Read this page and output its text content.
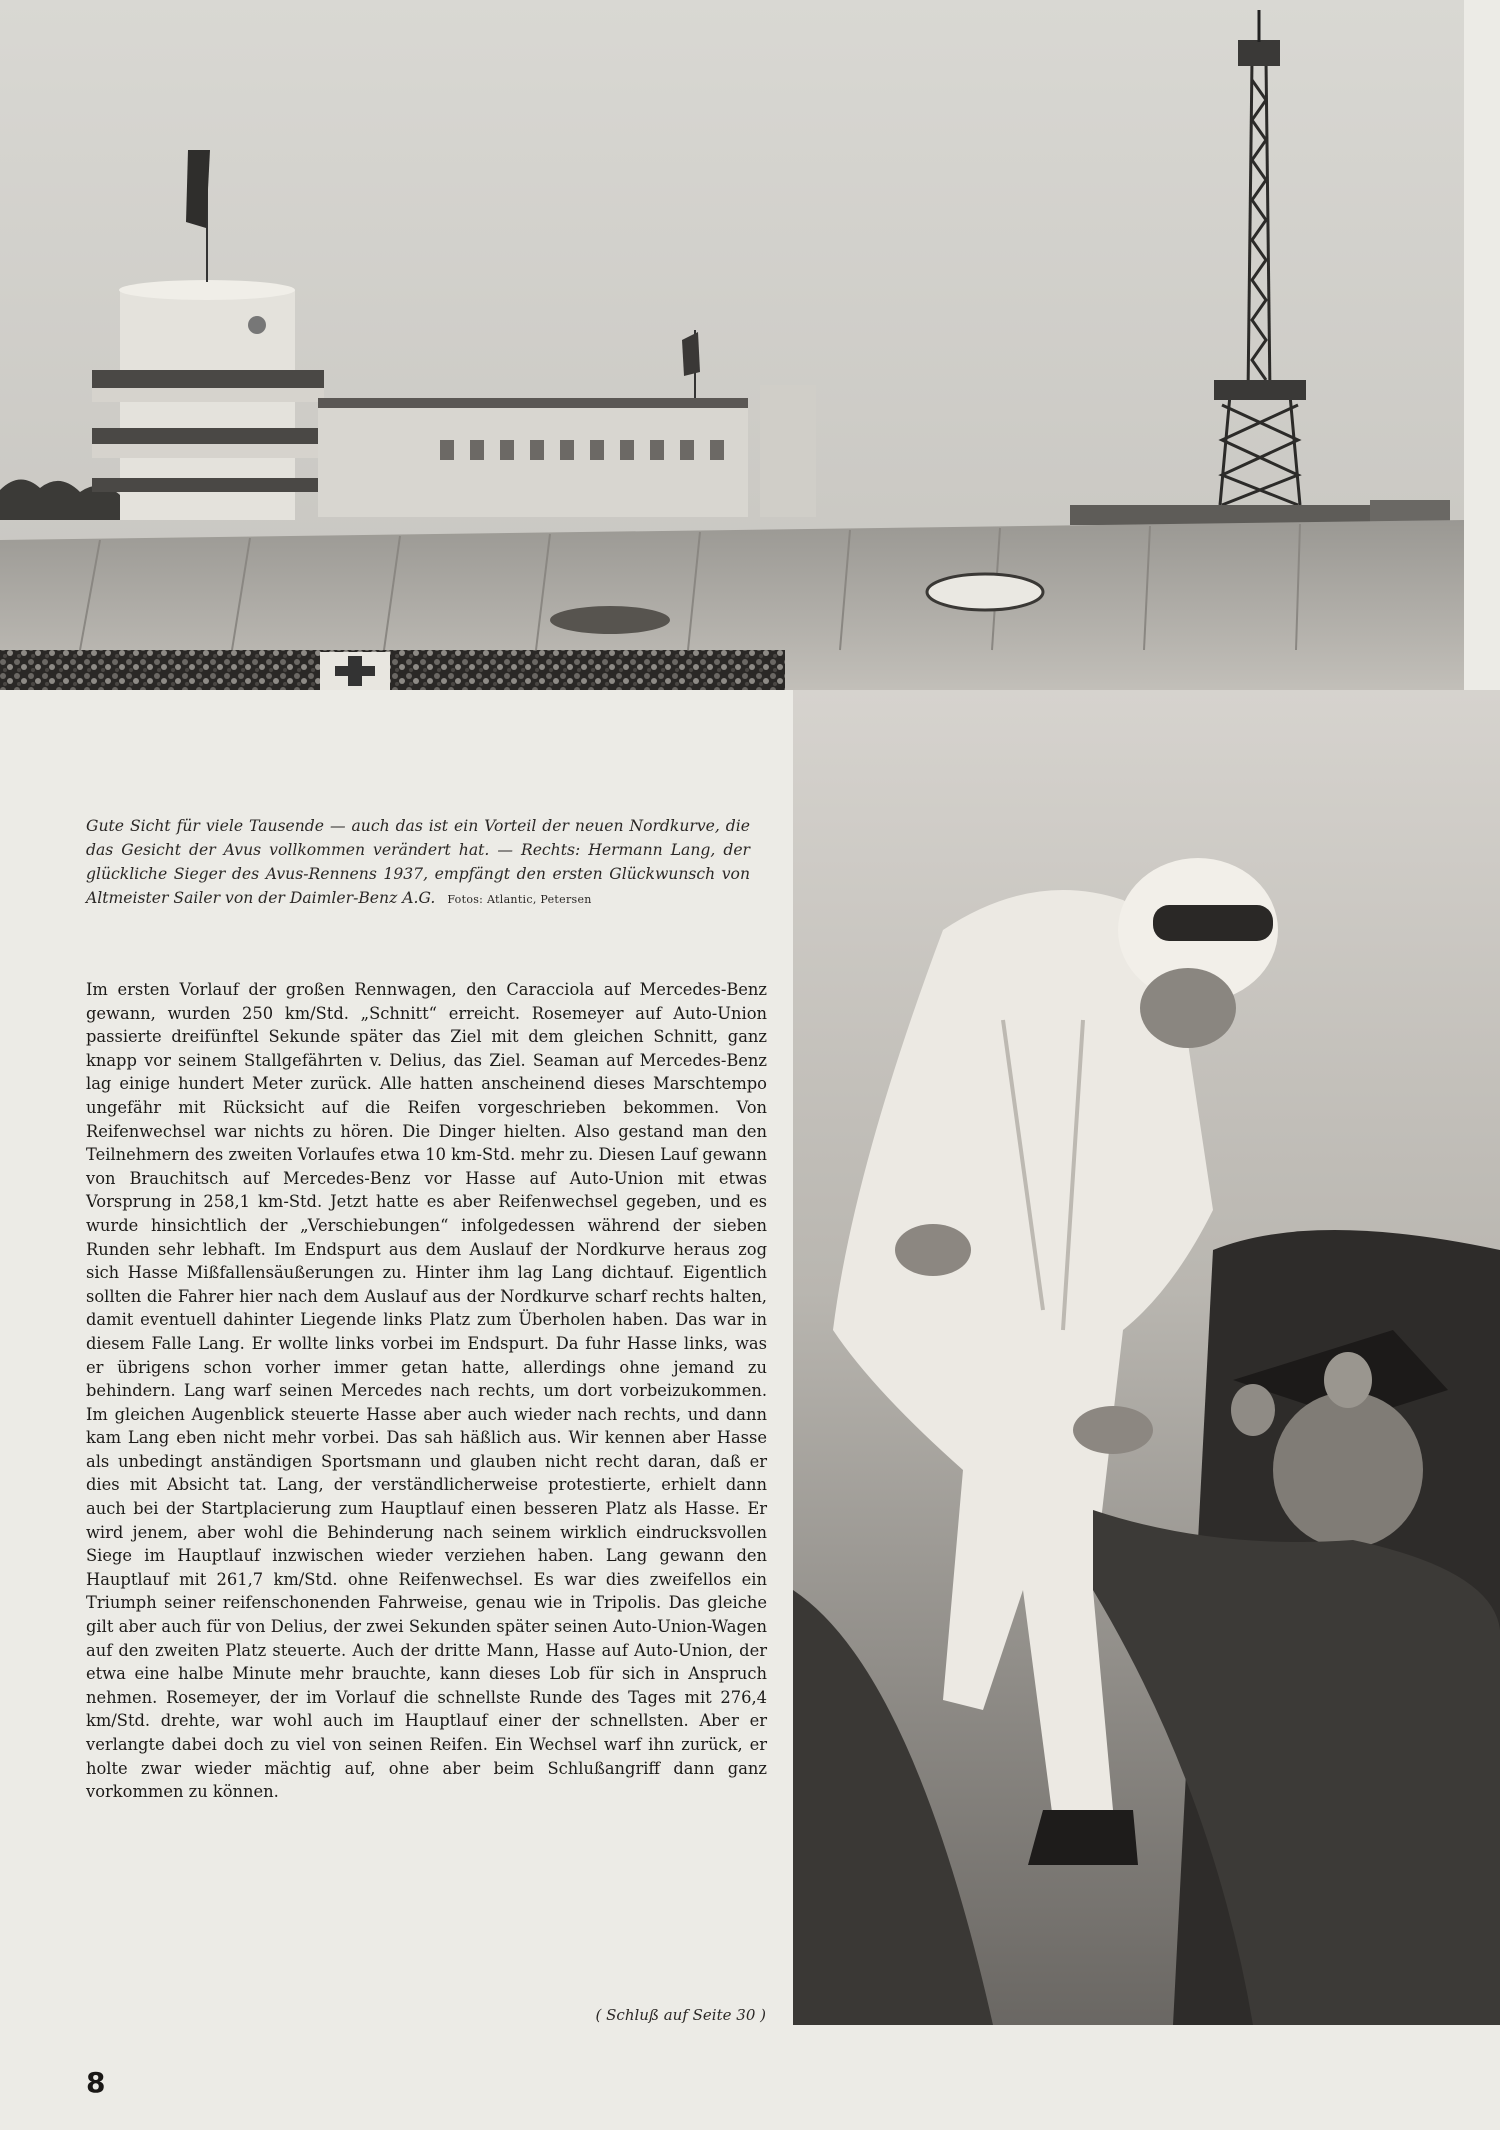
Gute Sicht für viele Tausende — auch das ist ein Vorteil der neuen Nordkurve, die das Gesicht der Avus vollkommen verändert hat. — Rechts: Hermann Lang, der glückliche Sieger des Avus-Rennens 1937, empfängt den ersten Glückwunsch von Altmeister Sailer von der Daimler-Benz A.G. Fotos: Atlantic, Petersen
Im ersten Vorlauf der großen Rennwagen, den Caracciola auf Mercedes-Benz gewann, wurden 250 km/Std. „Schnitt“ erreicht. Rosemeyer auf Auto-Union passierte dreifünftel Sekunde später das Ziel mit dem gleichen Schnitt, ganz knapp vor seinem Stallgefährten v. Delius, das Ziel. Seaman auf Mercedes-Benz lag einige hundert Meter zurück. Alle hatten anscheinend dieses Marschtempo ungefähr mit Rücksicht auf die Reifen vorgeschrieben bekommen. Von Reifenwechsel war nichts zu hören. Die Dinger hielten. Also gestand man den Teilnehmern des zweiten Vorlaufes etwa 10 km-Std. mehr zu. Diesen Lauf gewann von Brauchitsch auf Mercedes-Benz vor Hasse auf Auto-Union mit etwas Vorsprung in 258,1 km-Std. Jetzt hatte es aber Reifenwechsel gegeben, und es wurde hinsichtlich der „Verschiebungen“ infolgedessen während der sieben Runden sehr lebhaft. Im Endspurt aus dem Auslauf der Nordkurve heraus zog sich Hasse Mißfallensäußerungen zu. Hinter ihm lag Lang dichtauf. Eigentlich sollten die Fahrer hier nach dem Auslauf aus der Nordkurve scharf rechts halten, damit eventuell dahinter Liegende links Platz zum Überholen haben. Das war in diesem Falle Lang. Er wollte links vorbei im Endspurt. Da fuhr Hasse links, was er übrigens schon vorher immer getan hatte, allerdings ohne jemand zu behindern. Lang warf seinen Mercedes nach rechts, um dort vorbeizukommen. Im gleichen Augenblick steuerte Hasse aber auch wieder nach rechts, und dann kam Lang eben nicht mehr vorbei. Das sah häßlich aus. Wir kennen aber Hasse als unbedingt anständigen Sportsmann und glauben nicht recht daran, daß er dies mit Absicht tat. Lang, der verständlicherweise protestierte, erhielt dann auch bei der Startplacierung zum Hauptlauf einen besseren Platz als Hasse. Er wird jenem, aber wohl die Behinderung nach seinem wirklich eindrucksvollen Siege im Hauptlauf inzwischen wieder verziehen haben. Lang gewann den Hauptlauf mit 261,7 km/Std. ohne Reifenwechsel. Es war dies zweifellos ein Triumph seiner reifenschonenden Fahrweise, genau wie in Tripolis. Das gleiche gilt aber auch für von Delius, der zwei Sekunden später seinen Auto-Union-Wagen auf den zweiten Platz steuerte. Auch der dritte Mann, Hasse auf Auto-Union, der etwa eine halbe Minute mehr brauchte, kann dieses Lob für sich in Anspruch nehmen. Rosemeyer, der im Vorlauf die schnellste Runde des Tages mit 276,4 km/Std. drehte, war wohl auch im Hauptlauf einer der schnellsten. Aber er verlangte dabei doch zu viel von seinen Reifen. Ein Wechsel warf ihn zurück, er holte zwar wieder mächtig auf, ohne aber beim Schlußangriff dann ganz vorkommen zu können.
( Schluß auf Seite 30 )
8
